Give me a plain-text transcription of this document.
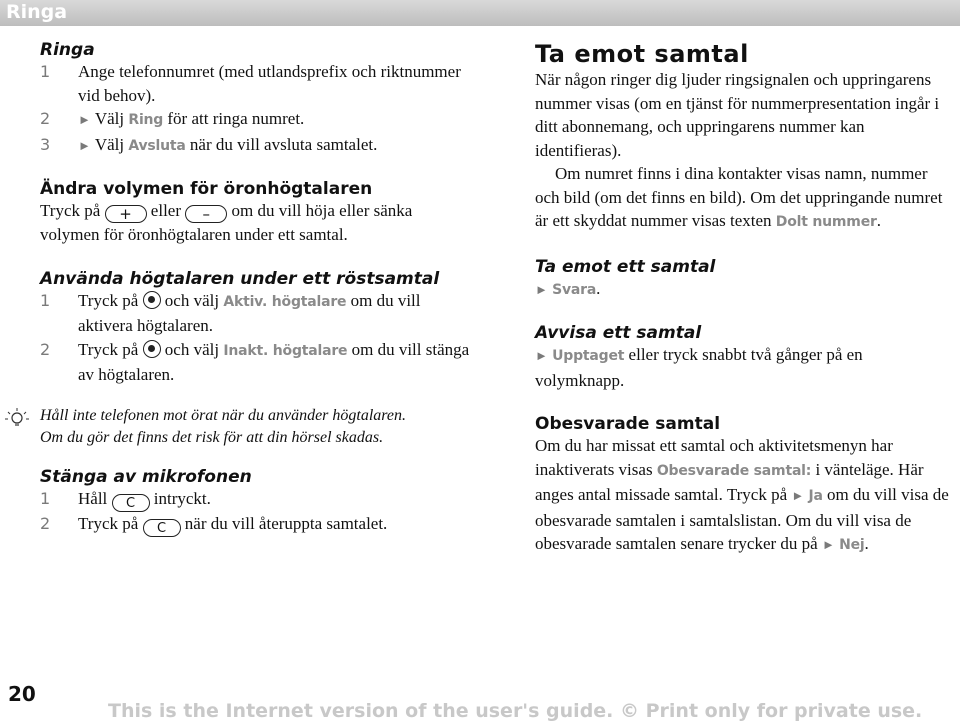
Ringa
Ringa
1 Ange telefonnumret (med utlandsprefix och riktnummer vid behov).
2 ► Välj Ring för att ringa numret.
3 ► Välj Avsluta när du vill avsluta samtalet.
Ändra volymen för öronhögtalaren

Tryck på + eller – om du vill höja eller sänka volymen för öronhögtalaren under ett samtal.

Använda högtalaren under ett röstsamtal
1 Tryck på och välj Aktiv. högtalare om du vill aktivera högtalaren.
2 Tryck på och välj Inakt. högtalare om du vill stänga av högtalaren.

Håll inte telefonen mot örat när du använder högtalaren.

Om du gör det finns det risk för att din hörsel skadas.

Stänga av mikrofonen
1 Håll C intryckt.
2 Tryck på C när du vill återuppta samtalet.
Ta emot samtal

När någon ringer dig ljuder ringsignalen och uppringarens nummer visas (om en tjänst för nummerpresentation ingår i ditt abonnemang, och uppringarens nummer kan identifieras).

Om numret finns i dina kontakter visas namn, nummer och bild (om det finns en bild). Om det uppringande numret är ett skyddat nummer visas texten Dolt nummer.

Ta emot ett samtal

► Svara.

Avvisa ett samtal

► Upptaget eller tryck snabbt två gånger på en volymknapp.

Obesvarade samtal

Om du har missat ett samtal och aktivitetsmenyn har inaktiverats visas Obesvarade samtal: i vänteläge. Här anges antal missade samtal. Tryck på ► Ja om du vill visa de obesvarade samtalen i samtalslistan. Om du vill visa de obesvarade samtalen senare trycker du på ► Nej.

20
This is the Internet version of the user's guide. © Print only for private use.
